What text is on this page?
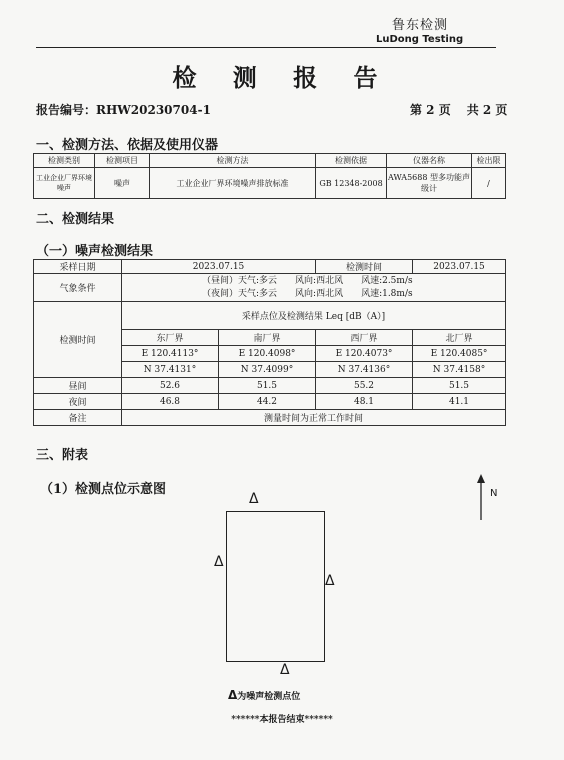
鲁东检测
LuDong Testing
检 测 报 告
报告编号：RHW20230704-1	第 2 页 共 2 页
一、检测方法、依据及使用仪器
检测类别	检测项目	检测方法	检测依据	仪器名称	检出限
工业企业厂界环境噪声	噪声	工业企业厂界环境噪声排放标准	GB 12348-2008	AWA5688 型多功能声级计	/
二、检测结果
（一）噪声检测结果
采样日期	2023.07.15		检测时间	2023.07.15
气象条件	（昼间）天气:多云　　风向:西北风　　风速:2.5m/s
（夜间）天气:多云　　风向:西北风　　风速:1.8m/s			

检测时间	采样点位及检测结果 Leq [dB（A）]			
	东厂界	南厂界	西厂界	北厂界
	E 120.4113°	E 120.4098°	E 120.4073°	E 120.4085°
	N 37.4131°	N 37.4099°	N 37.4136°	N 37.4158°
昼间	52.6	51.5	55.2	51.5
夜间	46.8	44.2	48.1	41.1
备注	测量时间为正常工作时间			
三、附表
（1）检测点位示意图	N
Δ
Δ
Δ
Δ
Δ为噪声检测点位
******本报告结束******
